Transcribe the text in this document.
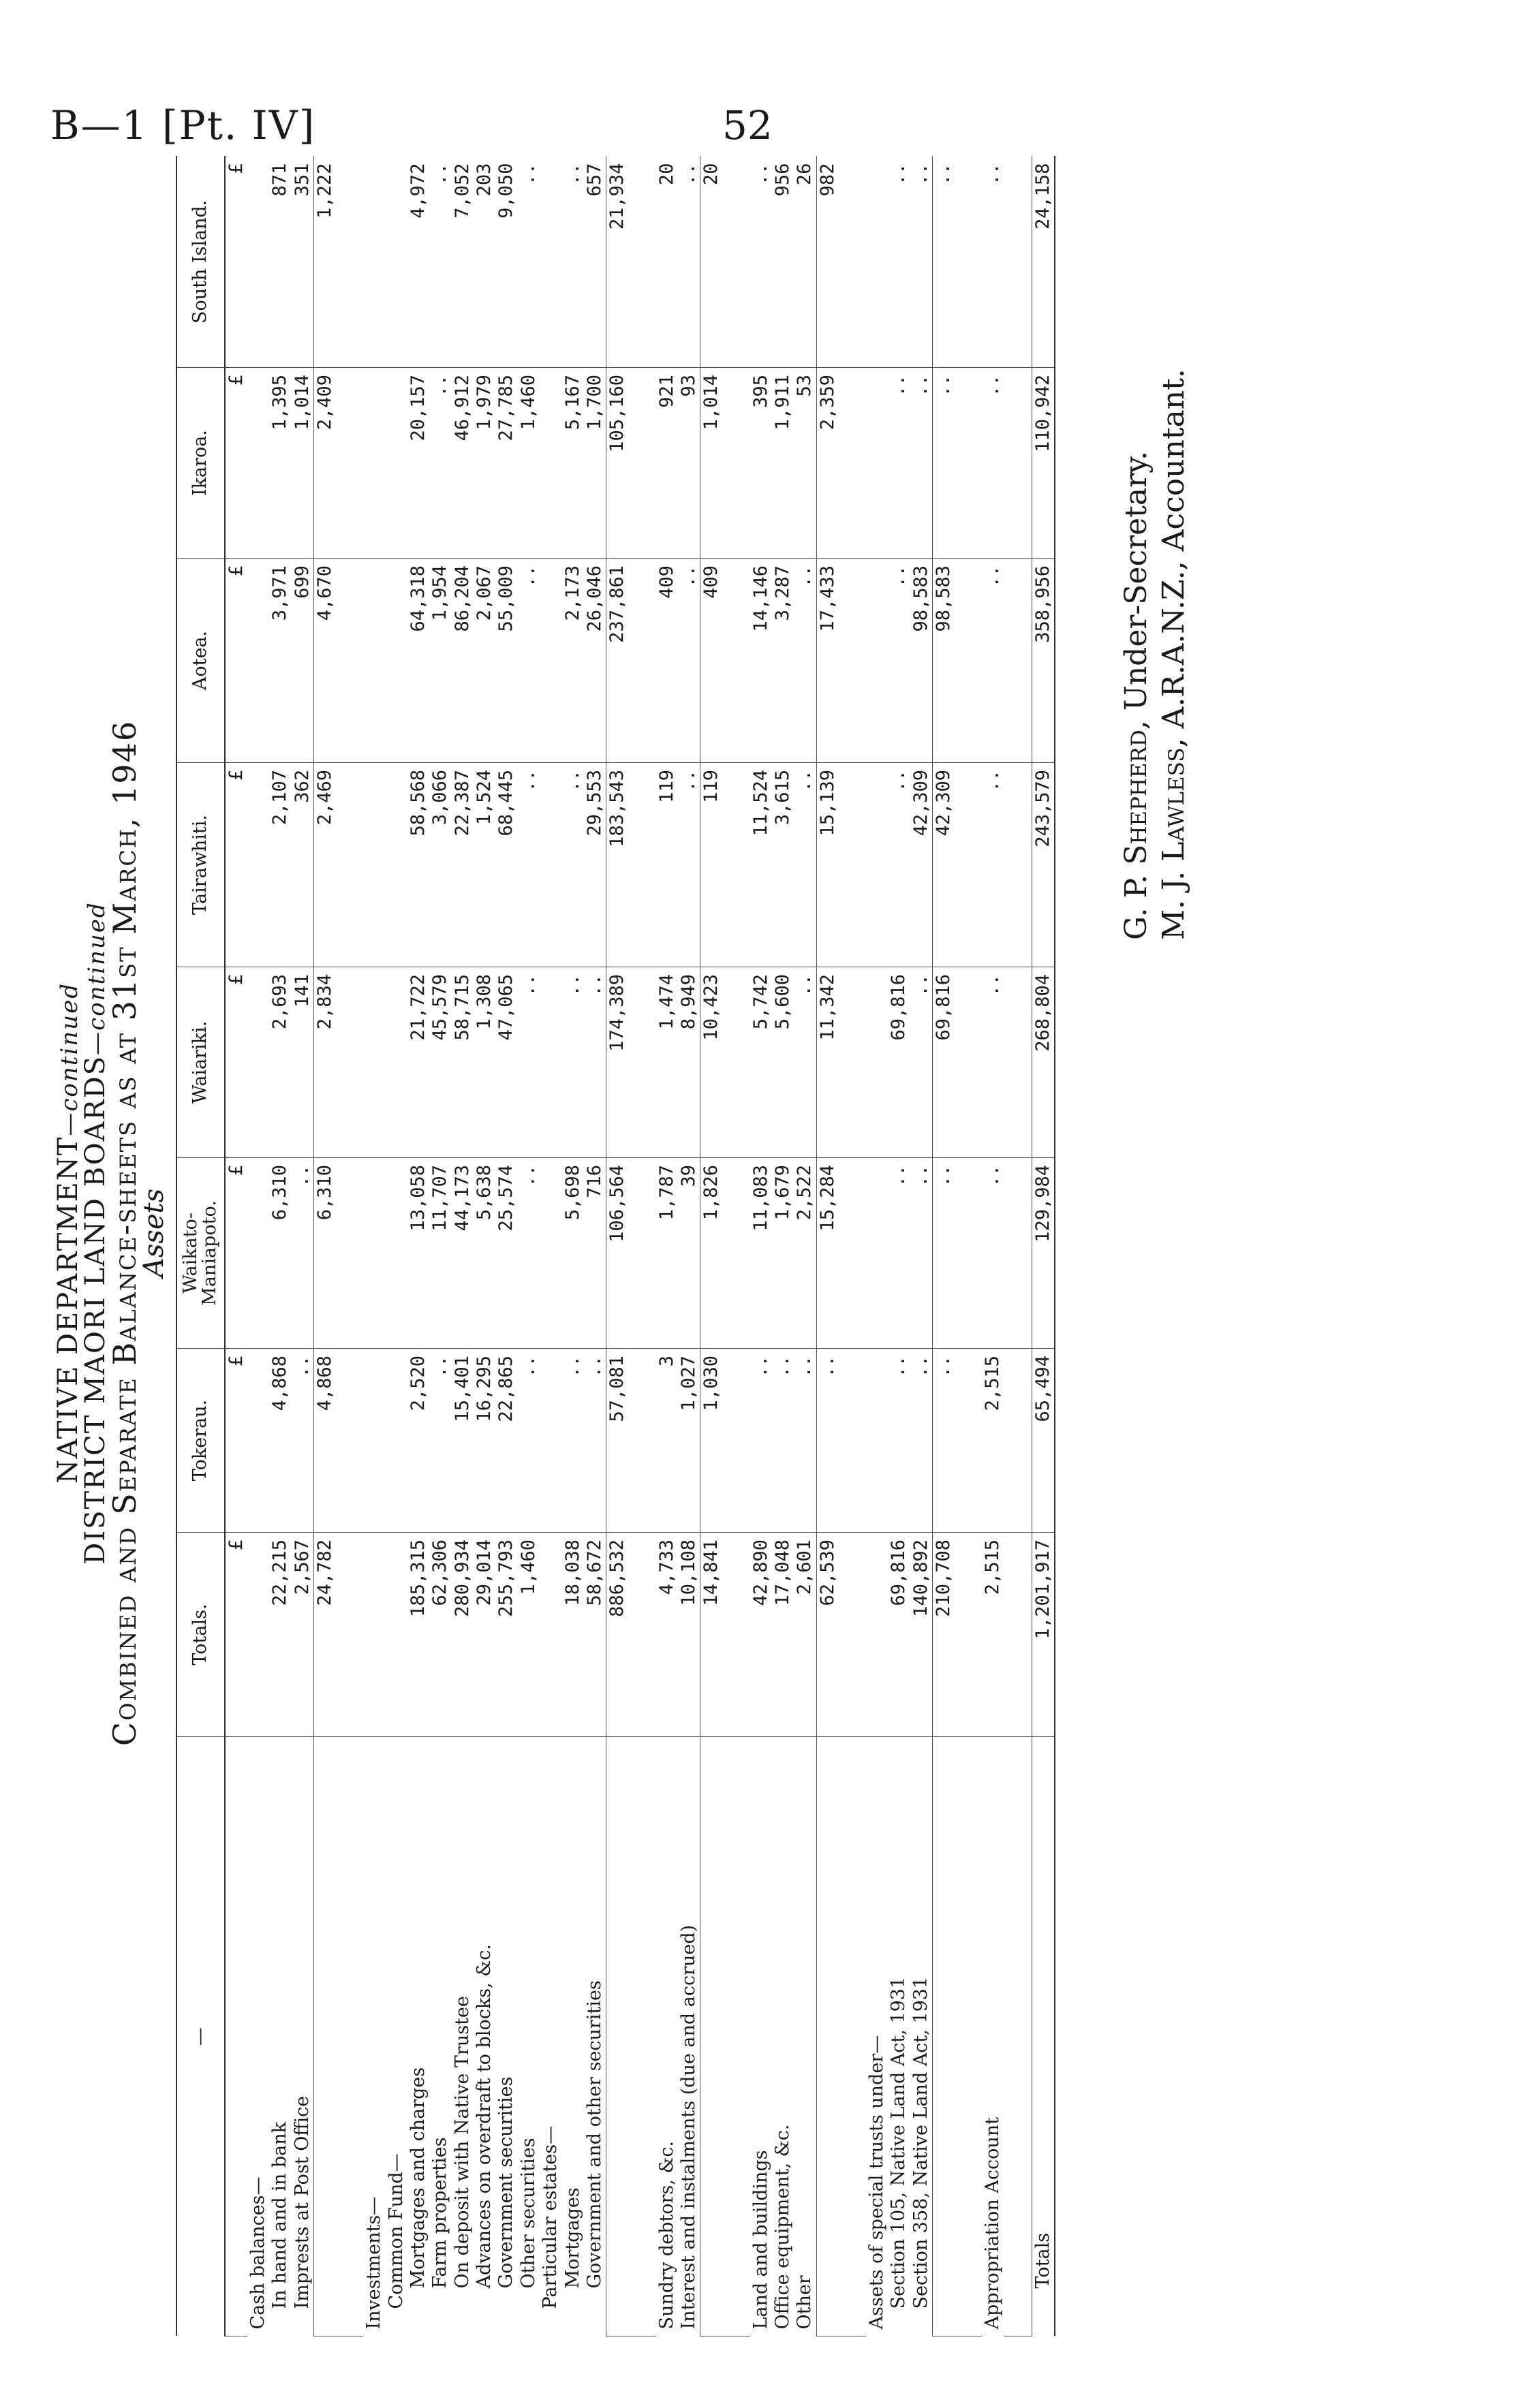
B—1 [Pt. IV]	52
NATIVE DEPARTMENT—continued
DISTRICT MAORI LAND BOARDS—continued
Combined and Separate Balance-sheets as at 31st March, 1946
Assets
—	Totals.	Tokerau.	Waikato-Maniapoto.	Waiariki.	Tairawhiti.	Aotea.	Ikaroa.	South Island.
	£	£	£	£	£	£	£	£

Cash balances—								

In hand and in bank	22,215	4,868	6,310	2,693	2,107	3,971	1,395	871

Imprests at Post Office	2,567	..	..	141	362	699	1,014	351
	24,782	4,868	6,310	2,834	2,469	4,670	2,409	1,222

Investments—								

Common Fund—								

Mortgages and charges	185,315	2,520	13,058	21,722	58,568	64,318	20,157	4,972

Farm properties	62,306	..	11,707	45,579	3,066	1,954	..	..

On deposit with Native Trustee	280,934	15,401	44,173	58,715	22,387	86,204	46,912	7,052

Advances on overdraft to blocks, &c.	29,014	16,295	5,638	1,308	1,524	2,067	1,979	203

Government securities	255,793	22,865	25,574	47,065	68,445	55,009	27,785	9,050

Other securities	1,460	..	..	..	..	..	1,460	..

Particular estates—								

Mortgages	18,038	..	5,698	..	..	2,173	5,167	..

Government and other securities	58,672	..	716	..	29,553	26,046	1,700	657
	886,532	57,081	106,564	174,389	183,543	237,861	105,160	21,934

Sundry debtors, &c.	4,733	3	1,787	1,474	119	409	921	20

Interest and instalments (due and accrued)	10,108	1,027	39	8,949	..	..	93	..
	14,841	1,030	1,826	10,423	119	409	1,014	20

Land and buildings	42,890	..	11,083	5,742	11,524	14,146	395	..

Office equipment, &c.	17,048	..	1,679	5,600	3,615	3,287	1,911	956

Other	2,601	..	2,522	..	..	..	53	26
	62,539	..	15,284	11,342	15,139	17,433	2,359	982

Assets of special trusts under—								

Section 105, Native Land Act, 1931	69,816	..	..	69,816	..	..	..	..

Section 358, Native Land Act, 1931	140,892	..	..	..	42,309	98,583	..	..
	210,708	..	..	69,816	42,309	98,583	..	..

Appropriation Account	2,515	2,515	..	..	..	..	..	..

Totals	1,201,917	65,494	129,984	268,804	243,579	358,956	110,942	24,158
G. P. Shepherd, Under-Secretary.
M. J. Lawless, A.R.A.N.Z., Accountant.
